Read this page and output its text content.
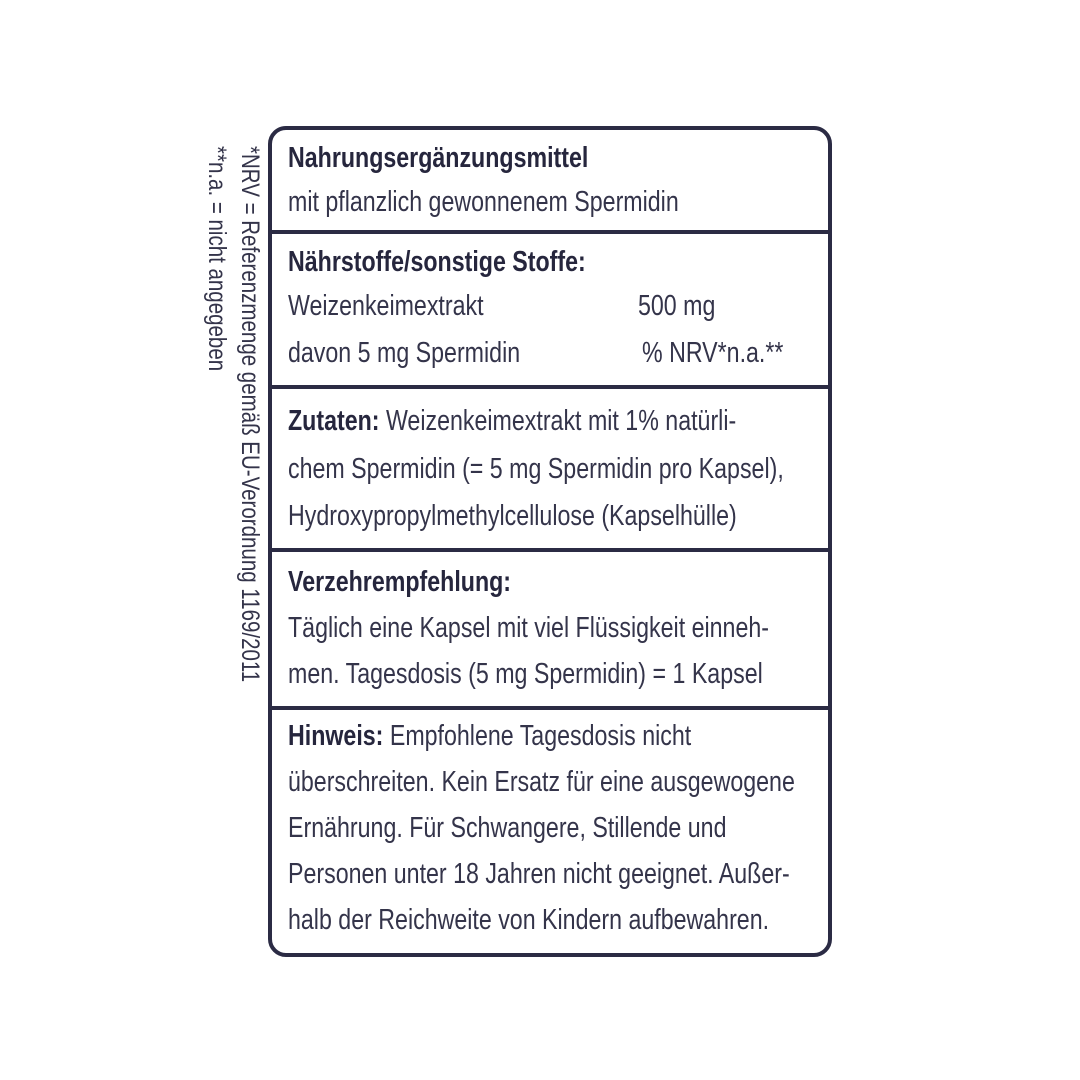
*NRV = Referenzmenge gemäß EU-Verordnung 1169/2011
**n.a. = nicht angegeben Nahrungsergänzungsmittel
mit pflanzlich gewonnenem Spermidin
Nährstoffe/sonstige Stoffe:
Weizenkeimextrakt	500 mg
davon 5 mg Spermidin	% NRV*n.a.**
Zutaten: Weizenkeimextrakt mit 1% natürli-
chem Spermidin (= 5 mg Spermidin pro Kapsel),
Hydroxypropylmethylcellulose (Kapselhülle)
Verzehrempfehlung:
Täglich eine Kapsel mit viel Flüssigkeit einneh-
men. Tagesdosis (5 mg Spermidin) = 1 Kapsel
Hinweis: Empfohlene Tagesdosis nicht
überschreiten. Kein Ersatz für eine ausgewogene
Ernährung. Für Schwangere, Stillende und
Personen unter 18 Jahren nicht geeignet. Außer-
halb der Reichweite von Kindern aufbewahren.
